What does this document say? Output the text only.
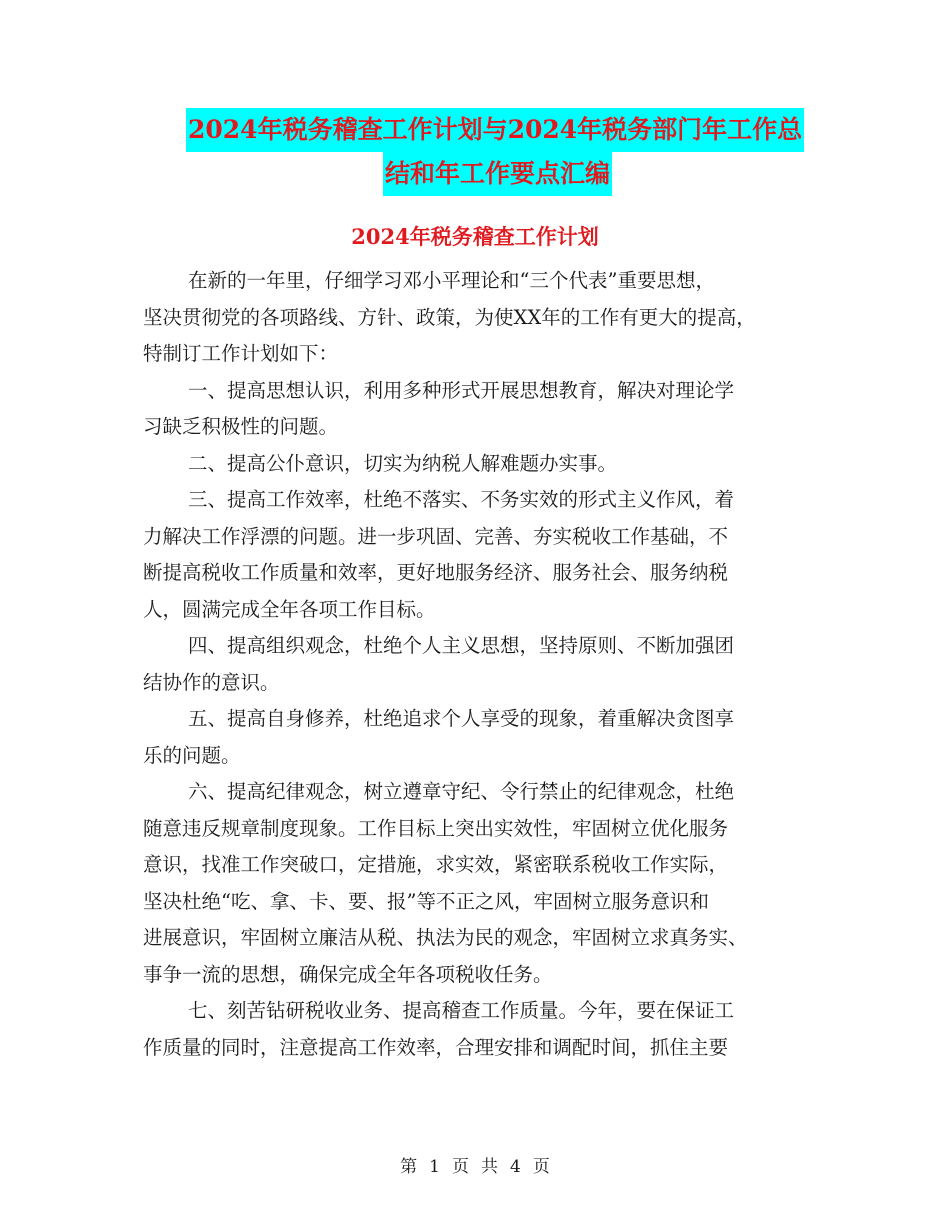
2024年税务稽查工作计划与2024年税务部门年工作总
结和年工作要点汇编
2024年税务稽查工作计划
在新的一年里，仔细学习邓小平理论和“三个代表”重要思想，
坚决贯彻党的各项路线、方针、政策，为使XX年的工作有更大的提高，
特制订工作计划如下：
一、提高思想认识，利用多种形式开展思想教育，解决对理论学
习缺乏积极性的问题。
二、提高公仆意识，切实为纳税人解难题办实事。
三、提高工作效率，杜绝不落实、不务实效的形式主义作风，着
力解决工作浮漂的问题。进一步巩固、完善、夯实税收工作基础，不
断提高税收工作质量和效率，更好地服务经济、服务社会、服务纳税
人，圆满完成全年各项工作目标。
四、提高组织观念，杜绝个人主义思想，坚持原则、不断加强团
结协作的意识。
五、提高自身修养，杜绝追求个人享受的现象，着重解决贪图享
乐的问题。
六、提高纪律观念，树立遵章守纪、令行禁止的纪律观念，杜绝
随意违反规章制度现象。工作目标上突出实效性，牢固树立优化服务
意识，找准工作突破口，定措施，求实效，紧密联系税收工作实际，
坚决杜绝“吃、拿、卡、要、报”等不正之风，牢固树立服务意识和
进展意识，牢固树立廉洁从税、执法为民的观念，牢固树立求真务实、
事争一流的思想，确保完成全年各项税收任务。
七、刻苦钻研税收业务、提高稽查工作质量。今年，要在保证工
作质量的同时，注意提高工作效率，合理安排和调配时间，抓住主要
第 1 页 共 4 页
